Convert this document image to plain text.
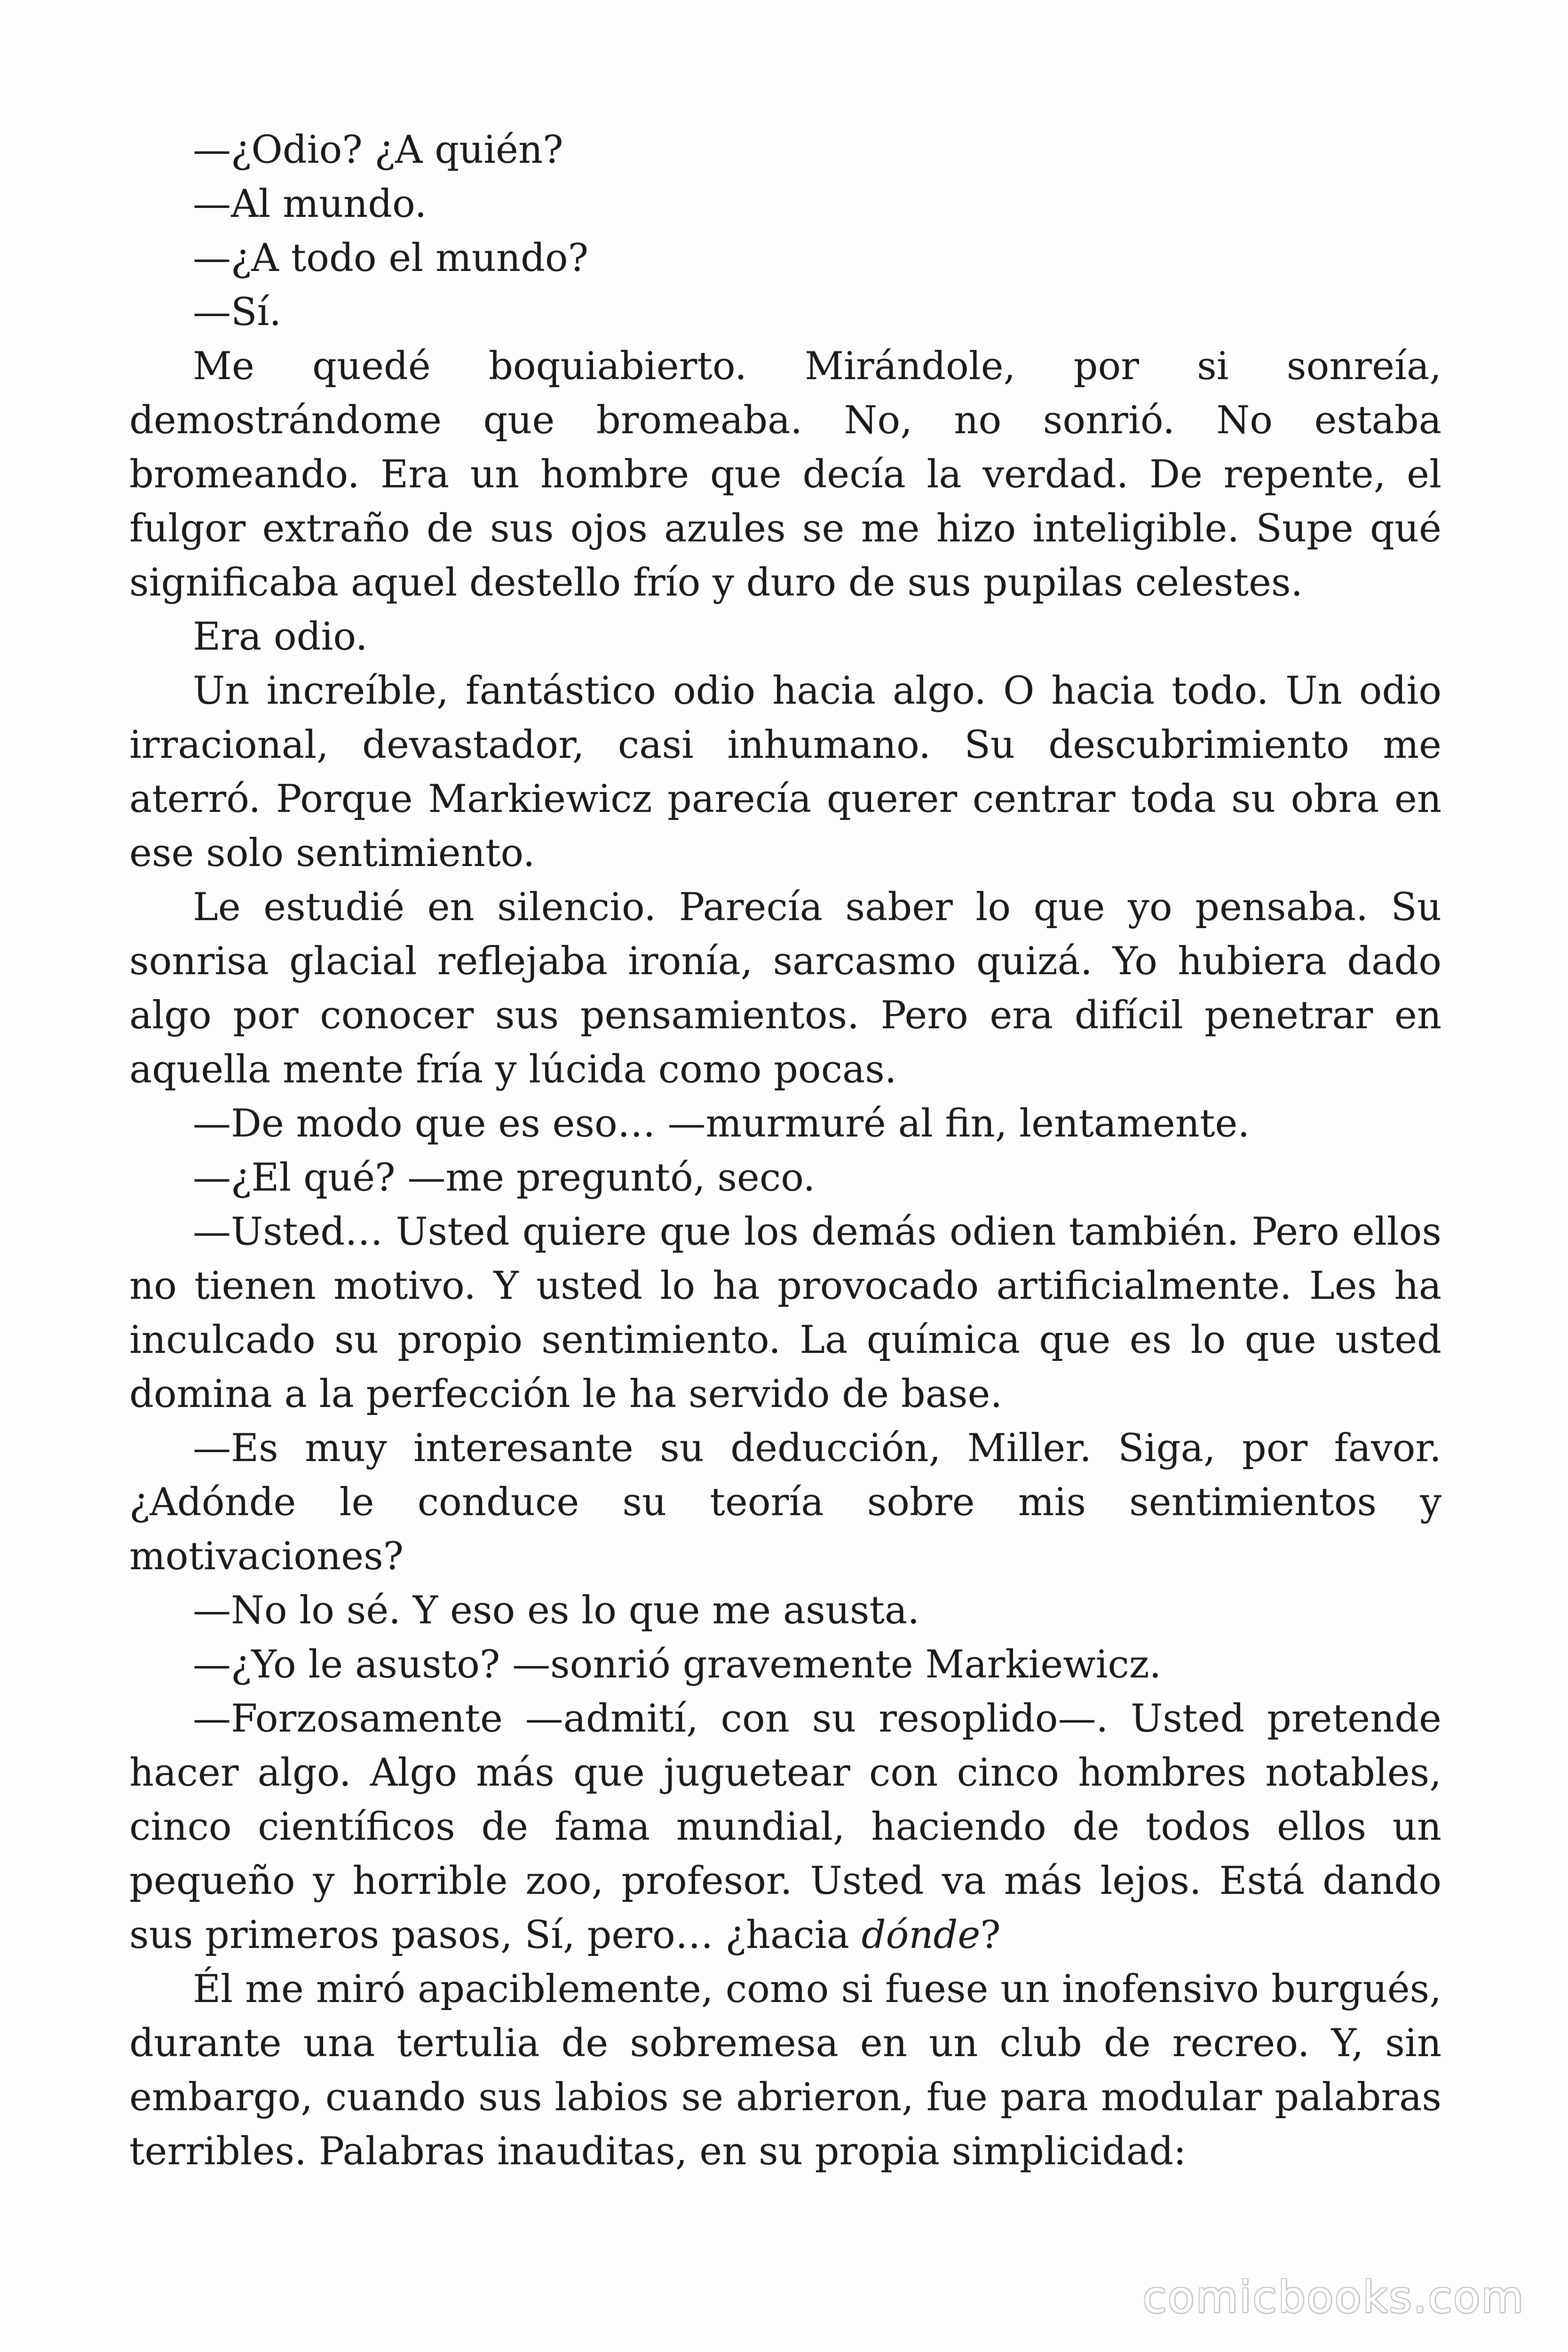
—¿Odio? ¿A quién?

—Al mundo.

—¿A todo el mundo?

—Sí.

Me quedé boquiabierto. Mirándole, por si sonreía, demostrándome que bromeaba. No, no sonrió. No estaba bromeando. Era un hombre que decía la verdad. De repente, el fulgor extraño de sus ojos azules se me hizo inteligible. Supe qué significaba aquel destello frío y duro de sus pupilas celestes.

Era odio.

Un increíble, fantástico odio hacia algo. O hacia todo. Un odio irracional, devastador, casi inhumano. Su descubrimiento me aterró. Porque Markiewicz parecía querer centrar toda su obra en ese solo sentimiento.

Le estudié en silencio. Parecía saber lo que yo pensaba. Su sonrisa glacial reflejaba ironía, sarcasmo quizá. Yo hubiera dado algo por conocer sus pensamientos. Pero era difícil penetrar en aquella mente fría y lúcida como pocas.

—De modo que es eso… —murmuré al fin, lentamente.

—¿El qué? —me preguntó, seco.

—Usted… Usted quiere que los demás odien también. Pero ellos no tienen motivo. Y usted lo ha provocado artificialmente. Les ha inculcado su propio sentimiento. La química que es lo que usted domina a la perfección le ha servido de base.

—Es muy interesante su deducción, Miller. Siga, por favor. ¿Adónde le conduce su teoría sobre mis sentimientos y motivaciones?

—No lo sé. Y eso es lo que me asusta.

—¿Yo le asusto? —sonrió gravemente Markiewicz.

—Forzosamente —admití, con su resoplido—. Usted pretende hacer algo. Algo más que juguetear con cinco hombres notables, cinco científicos de fama mundial, haciendo de todos ellos un pequeño y horrible zoo, profesor. Usted va más lejos. Está dando sus primeros pasos, Sí, pero… ¿hacia dónde?

Él me miró apaciblemente, como si fuese un inofensivo burgués, durante una tertulia de sobremesa en un club de recreo. Y, sin embargo, cuando sus labios se abrieron, fue para modular palabras terribles. Palabras inauditas, en su propia simplicidad:

comicbooks.com
